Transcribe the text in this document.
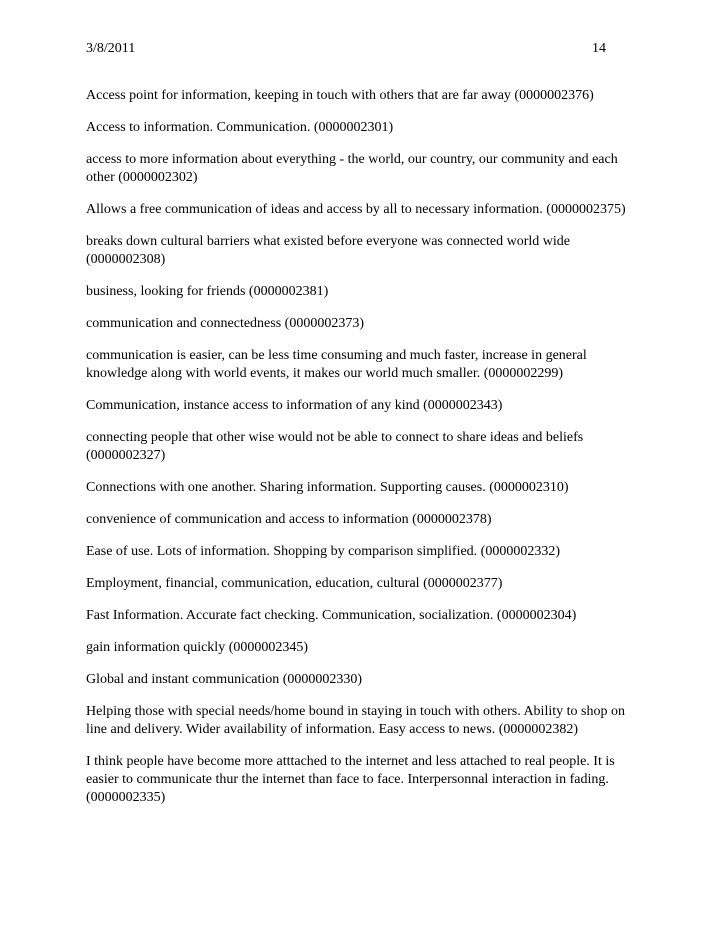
3/8/2011	14
Access point for information, keeping in touch with others that are far away (0000002376)
Access to information. Communication. (0000002301)
access to more information about everything - the world, our country, our community and each
other (0000002302)
Allows a free communication of ideas and access by all to necessary information. (0000002375)
breaks down cultural barriers what existed before everyone was connected world wide
(0000002308)
business, looking for friends (0000002381)
communication and connectedness (0000002373)
communication is easier, can be less time consuming and much faster, increase in general
knowledge along with world events, it makes our world much smaller. (0000002299)
Communication, instance access to information of any kind (0000002343)
connecting people that other wise would not be able to connect to share ideas and beliefs
(0000002327)
Connections with one another. Sharing information. Supporting causes. (0000002310)
convenience of communication and access to information (0000002378)
Ease of use. Lots of information. Shopping by comparison simplified. (0000002332)
Employment, financial, communication, education, cultural (0000002377)
Fast Information. Accurate fact checking. Communication, socialization. (0000002304)
gain information quickly (0000002345)
Global and instant communication (0000002330)
Helping those with special needs/home bound in staying in touch with others. Ability to shop on
line and delivery. Wider availability of information. Easy access to news. (0000002382)
I think people have become more atttached to the internet and less attached to real people. It is
easier to communicate thur the internet than face to face. Interpersonnal interaction in fading.
(0000002335)
